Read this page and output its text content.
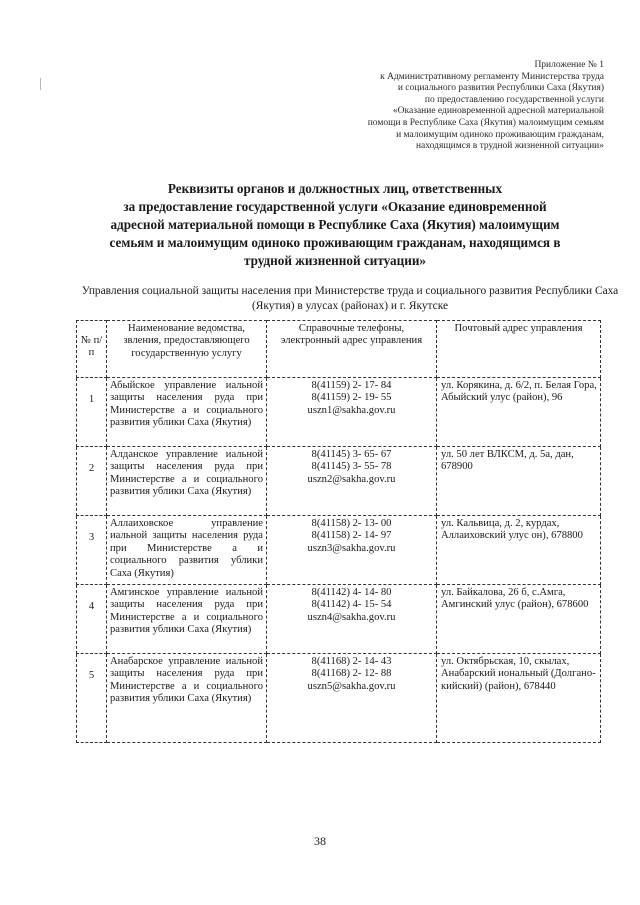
Приложение № 1
к Административному регламенту Министерства труда
и социального развития Республики Саха (Якутия)
по предоставлению государственной услуги
«Оказание единовременной адресной материальной
помощи в Республике Саха (Якутия) малоимущим семьям
и малоимущим одиноко проживающим гражданам,
находящимся в трудной жизненной ситуации»
Реквизиты органов и должностных лиц, ответственных
за предоставление государственной услуги «Оказание единовременной
адресной материальной помощи в Республике Саха (Якутия) малоимущим
семьям и малоимущим одиноко проживающим гражданам, находящимся в
трудной жизненной ситуации»
Управления социальной защиты населения при Министерстве труда и социального развития Республики Саха (Якутия) в улусах (районах) и г. Якутске
№ п/п	Наименование ведомства, звления, предоставляющего государственную услугу	Справочные телефоны, электронный адрес управления	Почтовый адрес управления
1	Абыйское управление иальной защиты населения руда при Министерстве а и социального развития ублики Саха (Якутия)	8(41159) 2- 17- 84
8(41159) 2- 19- 55
uszn1@sakha.gov.ru	ул. Корякина, д. 6/2, п. Белая Гора, Абыйский улус (район), 96
2	Алданское управление иальной защиты населения руда при Министерстве а и социального развития ублики Саха (Якутия)	8(41145) 3- 65- 67
8(41145) 3- 55- 78
uszn2@sakha.gov.ru	ул. 50 лет ВЛКСМ, д. 5а, дан, 678900
3	Аллаиховское управление иальной защиты населения руда при Министерстве а и социального развития ублики Саха (Якутия)	8(41158) 2- 13- 00
8(41158) 2- 14- 97
uszn3@sakha.gov.ru	ул. Кальвица, д. 2, курдах, Аллаиховский улус он), 678800
4	Амгинское управление иальной защиты населения руда при Министерстве а и социального развития ублики Саха (Якутия)	8(41142) 4- 14- 80
8(41142) 4- 15- 54
uszn4@sakha.gov.ru	ул. Байкалова, 26 б, с.Амга, Амгинский улус (район), 678600
5	Анабарское управление иальной защиты населения руда при Министерстве а и социального развития ублики Саха (Якутия)	8(41168) 2- 14- 43
8(41168) 2- 12- 88
uszn5@sakha.gov.ru	ул. Октябрьская, 10, скылах, Анабарский иональный (Долгано- кийский) (район), 678440
38
